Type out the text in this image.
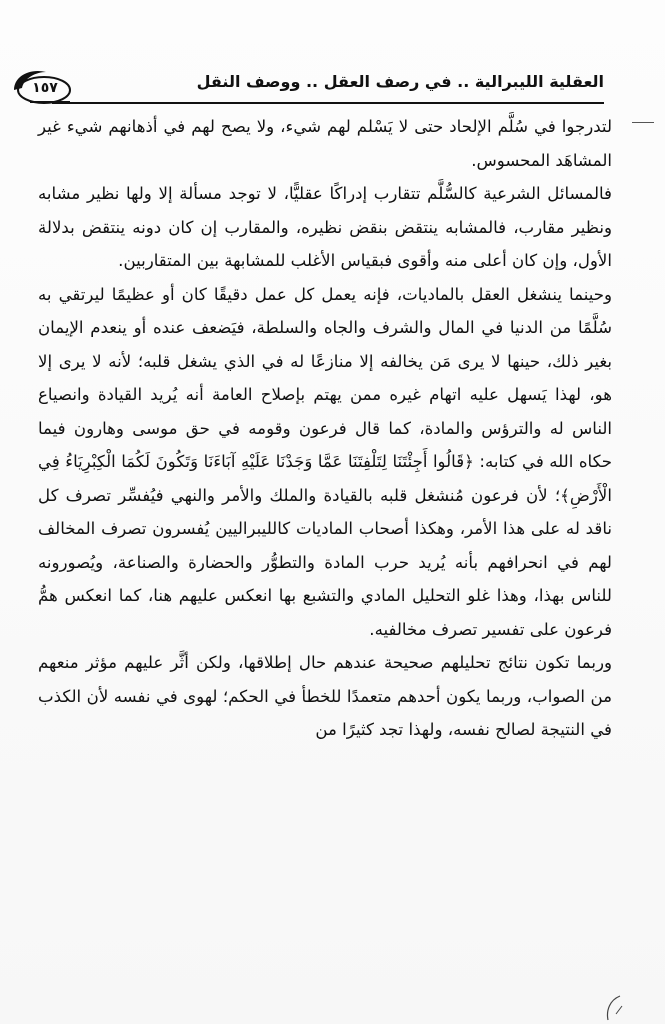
١٥٧	العقلية الليبرالية .. في رصف العقل .. ووصف النقل

لتدرجوا في سُلَّم الإلحاد حتى لا يَسْلم لهم شيء، ولا يصح لهم في أذهانهم شيء غير المشاهَد المحسوس.

فالمسائل الشرعية كالسُّلَّم تتقارب إدراكًا عقليًّا، لا توجد مسألة إلا ولها نظير مشابه ونظير مقارب، فالمشابه ينتقض بنقض نظيره، والمقارب إن كان دونه ينتقض بدلالة الأول، وإن كان أعلى منه وأقوى فبقياس الأغلب للمشابهة بين المتقاربين.

وحينما ينشغل العقل بالماديات، فإنه يعمل كل عمل دقيقًا كان أو عظيمًا ليرتقي به سُلَّمًا من الدنيا في المال والشرف والجاه والسلطة، فيَضعف عنده أو ينعدم الإيمان بغير ذلك، حينها لا يرى مَن يخالفه إلا منازعًا له في الذي يشغل قلبه؛ لأنه لا يرى إلا هو، لهذا يَسهل عليه اتهام غيره ممن يهتم بإصلاح العامة أنه يُريد القيادة وانصياع الناس له والترؤس والمادة، كما قال فرعون وقومه في حق موسى وهارون فيما حكاه الله في كتابه: ﴿قَالُوا أَجِئْتَنَا لِتَلْفِتَنَا عَمَّا وَجَدْنَا عَلَيْهِ آبَاءَنَا وَتَكُونَ لَكُمَا الْكِبْرِيَاءُ فِي الْأَرْضِ﴾؛ لأن فرعون مُنشغل قلبه بالقيادة والملك والأمر والنهي فيُفسِّر تصرف كل ناقد له على هذا الأمر، وهكذا أصحاب الماديات كالليبراليين يُفسرون تصرف المخالف لهم في انحرافهم بأنه يُريد حرب المادة والتطوُّر والحضارة والصناعة، ويُصورونه للناس بهذا، وهذا غلو التحليل المادي والتشبع بها انعكس عليهم هنا، كما انعكس همُّ فرعون على تفسير تصرف مخالفيه.

وربما تكون نتائج تحليلهم صحيحة عندهم حال إطلاقها، ولكن أثَّر عليهم مؤثر منعهم من الصواب، وربما يكون أحدهم متعمدًا للخطأ في الحكم؛ لهوى في نفسه لأن الكذب في النتيجة لصالح نفسه، ولهذا تجد كثيرًا من
